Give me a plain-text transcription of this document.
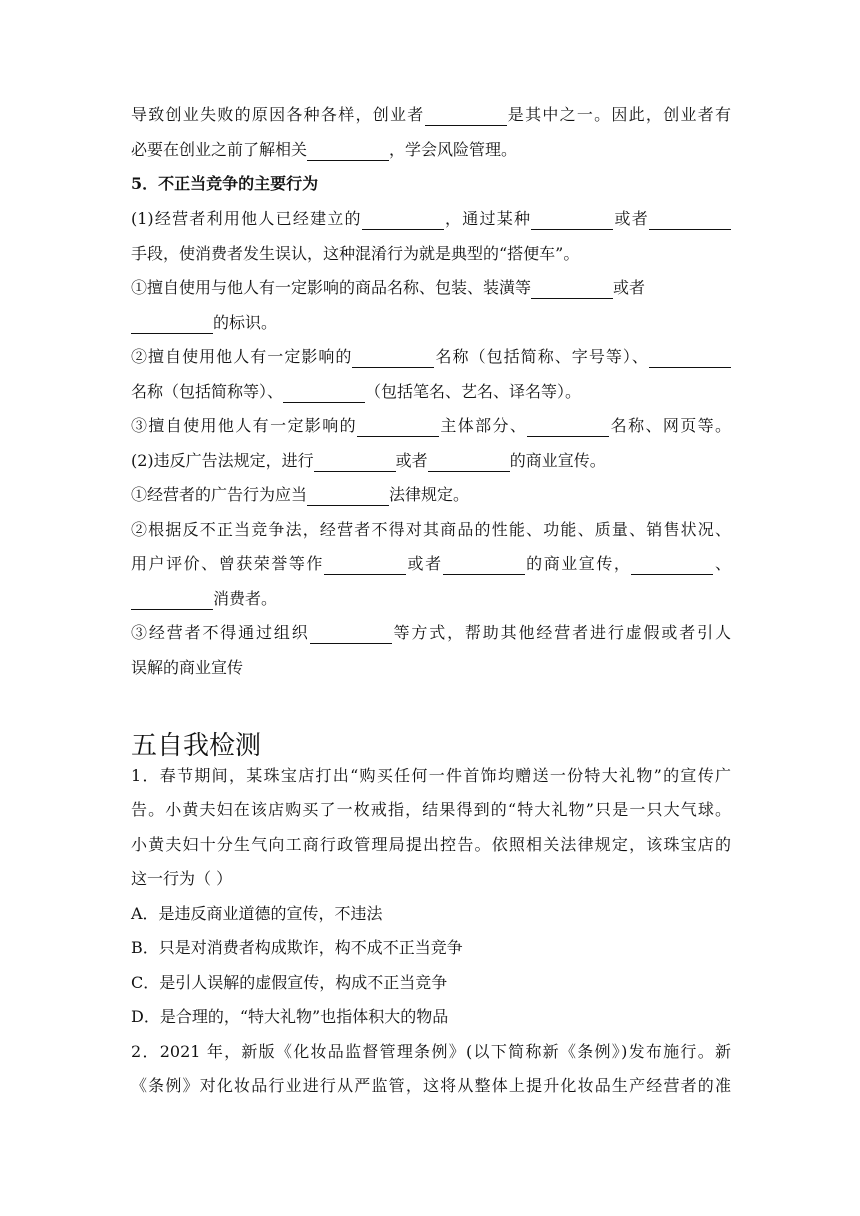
导致创业失败的原因各种各样，创业者	是其中之一。因此，创业者有
必要在创业之前了解相关	，学会风险管理。
5．不正当竞争的主要行为
(1)经营者利用他人已经建立的	，通过某种	或者
手段，使消费者发生误认，这种混淆行为就是典型的“搭便车”。
①擅自使用与他人有一定影响的商品名称、包装、装潢等	或者
的标识。
②擅自使用他人有一定影响的	名称（包括简称、字号等）、
名称（包括简称等）、	（包括笔名、艺名、译名等）。
③擅自使用他人有一定影响的	主体部分、	名称、网页等。
(2)违反广告法规定，进行	或者	的商业宣传。
①经营者的广告行为应当	法律规定。
②根据反不正当竞争法，经营者不得对其商品的性能、功能、质量、销售状况、
用户评价、曾获荣誉等作	或者	的商业宣传，	、
消费者。
③经营者不得通过组织	等方式，帮助其他经营者进行虚假或者引人
误解的商业宣传
五自我检测
1．春节期间，某珠宝店打出“购买任何一件首饰均赠送一份特大礼物”的宣传广
告。小黄夫妇在该店购买了一枚戒指，结果得到的“特大礼物”只是一只大气球。
小黄夫妇十分生气向工商行政管理局提出控告。依照相关法律规定，该珠宝店的
这一行为（ ）
A．是违反商业道德的宣传，不违法
B．只是对消费者构成欺诈，构不成不正当竞争
C．是引人误解的虚假宣传，构成不正当竞争
D．是合理的，“特大礼物”也指体积大的物品
2．2021 年，新版《化妆品监督管理条例》(以下简称新《条例》)发布施行。新
《条例》对化妆品行业进行从严监管，这将从整体上提升化妆品生产经营者的准
